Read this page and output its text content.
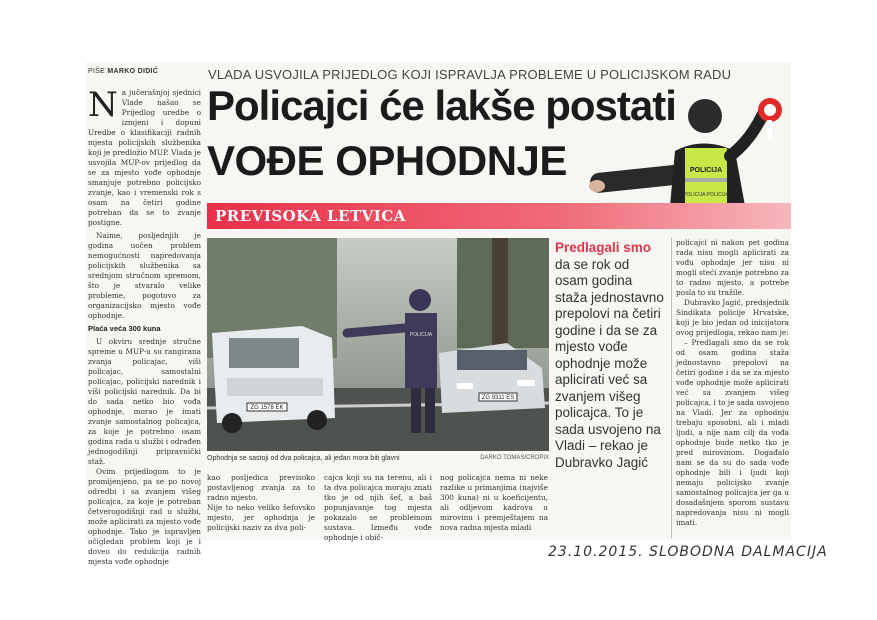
PIŠE MARKO DIDIĆ	VLADA USVOJILA PRIJEDLOG KOJI ISPRAVLJA PROBLEME U POLICIJSKOM RADU
Policajci će lakše postati
VOĐE OPHODNJE	POLICIJA
POLICIJA POLICIJA
PREVISOKA LETVICA
N a jučerašnjoj sjednici Vlade našao se Prijedlog uredbe o izmjeni i dopuni Uredbe o klasifikaciji radnih mjesta policijskih službenika koji je predložio MUP. Vlada je usvojila MUP-ov prijedlog da se za mjesto vođe ophodnje smanjuje potrebno policijsko zvanje, kao i vremenski rok s osam na četiri godine potreban da se to zvanje postigne.

Naime, posljednjih je godina uočen problem nemogućnosti napredovanja policijskih službenika sa srednjom stručnom spremom, što je stvaralo velike probleme, pogotovo za organizacijsko mjesto vođe ophodnje.

Plaća veća 300 kuna

U okviru srednje stručne spreme u MUP-u su rangirana zvanja policajac, viši policajac, samostalni policajac, policijski narednik i viši policijski narednik. Da bi do sada netko bio vođa ophodnje, morao je imati zvanje samostalnog policajca, za koje je potrebno osam godina rada u službi i odrađen jednogodišnji pripravnički staž.

Ovim prijedlogom to je promijenjeno, pa se po novoj odredbi i sa zvanjem višeg policajca, za koje je potreban četverogodišnji rad u službi, može aplicirati za mjesto vođe ophodnje. Tako je ispravljen očigledan problem koji je i doveo do redukcija radnih mjesta vođe ophodnje

ZG 1578 EK
POLICIJA
ZG 9311 ES
Ophodnja se sastoji od dva policajca, ali jedan mora biti glavni	DARKO TOMAS/CROPIX
kao posljedica previsoko postavljenog zvanja za to radno mjesto.
Nije to neko veliko šefovsko mjesto, jer ophodnja je policijski naziv za dva poli-
cajca koji su na terenu, ali i ta dva policajca moraju znati tko je od njih šef, a baš popunjavanje tog mjesta pokazalo se problemom sustava. Između vođe ophodnje i obič-
nog policajca nema ni neke razlike u primanjima (najviše 300 kuna) ni u koeficijentu, ali odljevom kadrova u mirovinu i premještajem na nova radna mjesta mladi
Predlagali smo da se rok od osam godina staža jednostavno prepolovi na četiri godine i da se za mjesto vođe ophodnje može aplicirati već sa zvanjem višeg policajca. To je sada usvojeno na Vladi – rekao je Dubravko Jagić

policajci ni nakon pet godina rada nisu mogli aplicirati za vođu ophodnje jer nisu ni mogli steći zvanje potrebno za to radno mjesto, a potrebe posla to su tražile.

Dubravko Jagić, predsjednik Sindikata policije Hrvatske, koji je bio jedan od inicijatora ovog prijedloga, rekao nam je:

– Predlagali smo da se rok od osam godina staža jednostavno prepolovi na četiri godine i da se za mjesto vođe ophodnje može aplicirati već sa zvanjem višeg policajca, i to je sada usvojeno na Vladi. Jer za ophodnju trebaju sposobni, ali i mladi ljudi, a nije nam cilj da vođa ophodnje bude netko tko je pred mirovinom. Događalo nam se da su do sada vođe ophodnje bili i ljudi koji nemaju policijsko zvanje samostalnog policajca jer ga u dosadašnjem sporom sustavu napredovanja nisu ni mogli imati.

23.10.2015. SLOBODNA DALMACIJA
